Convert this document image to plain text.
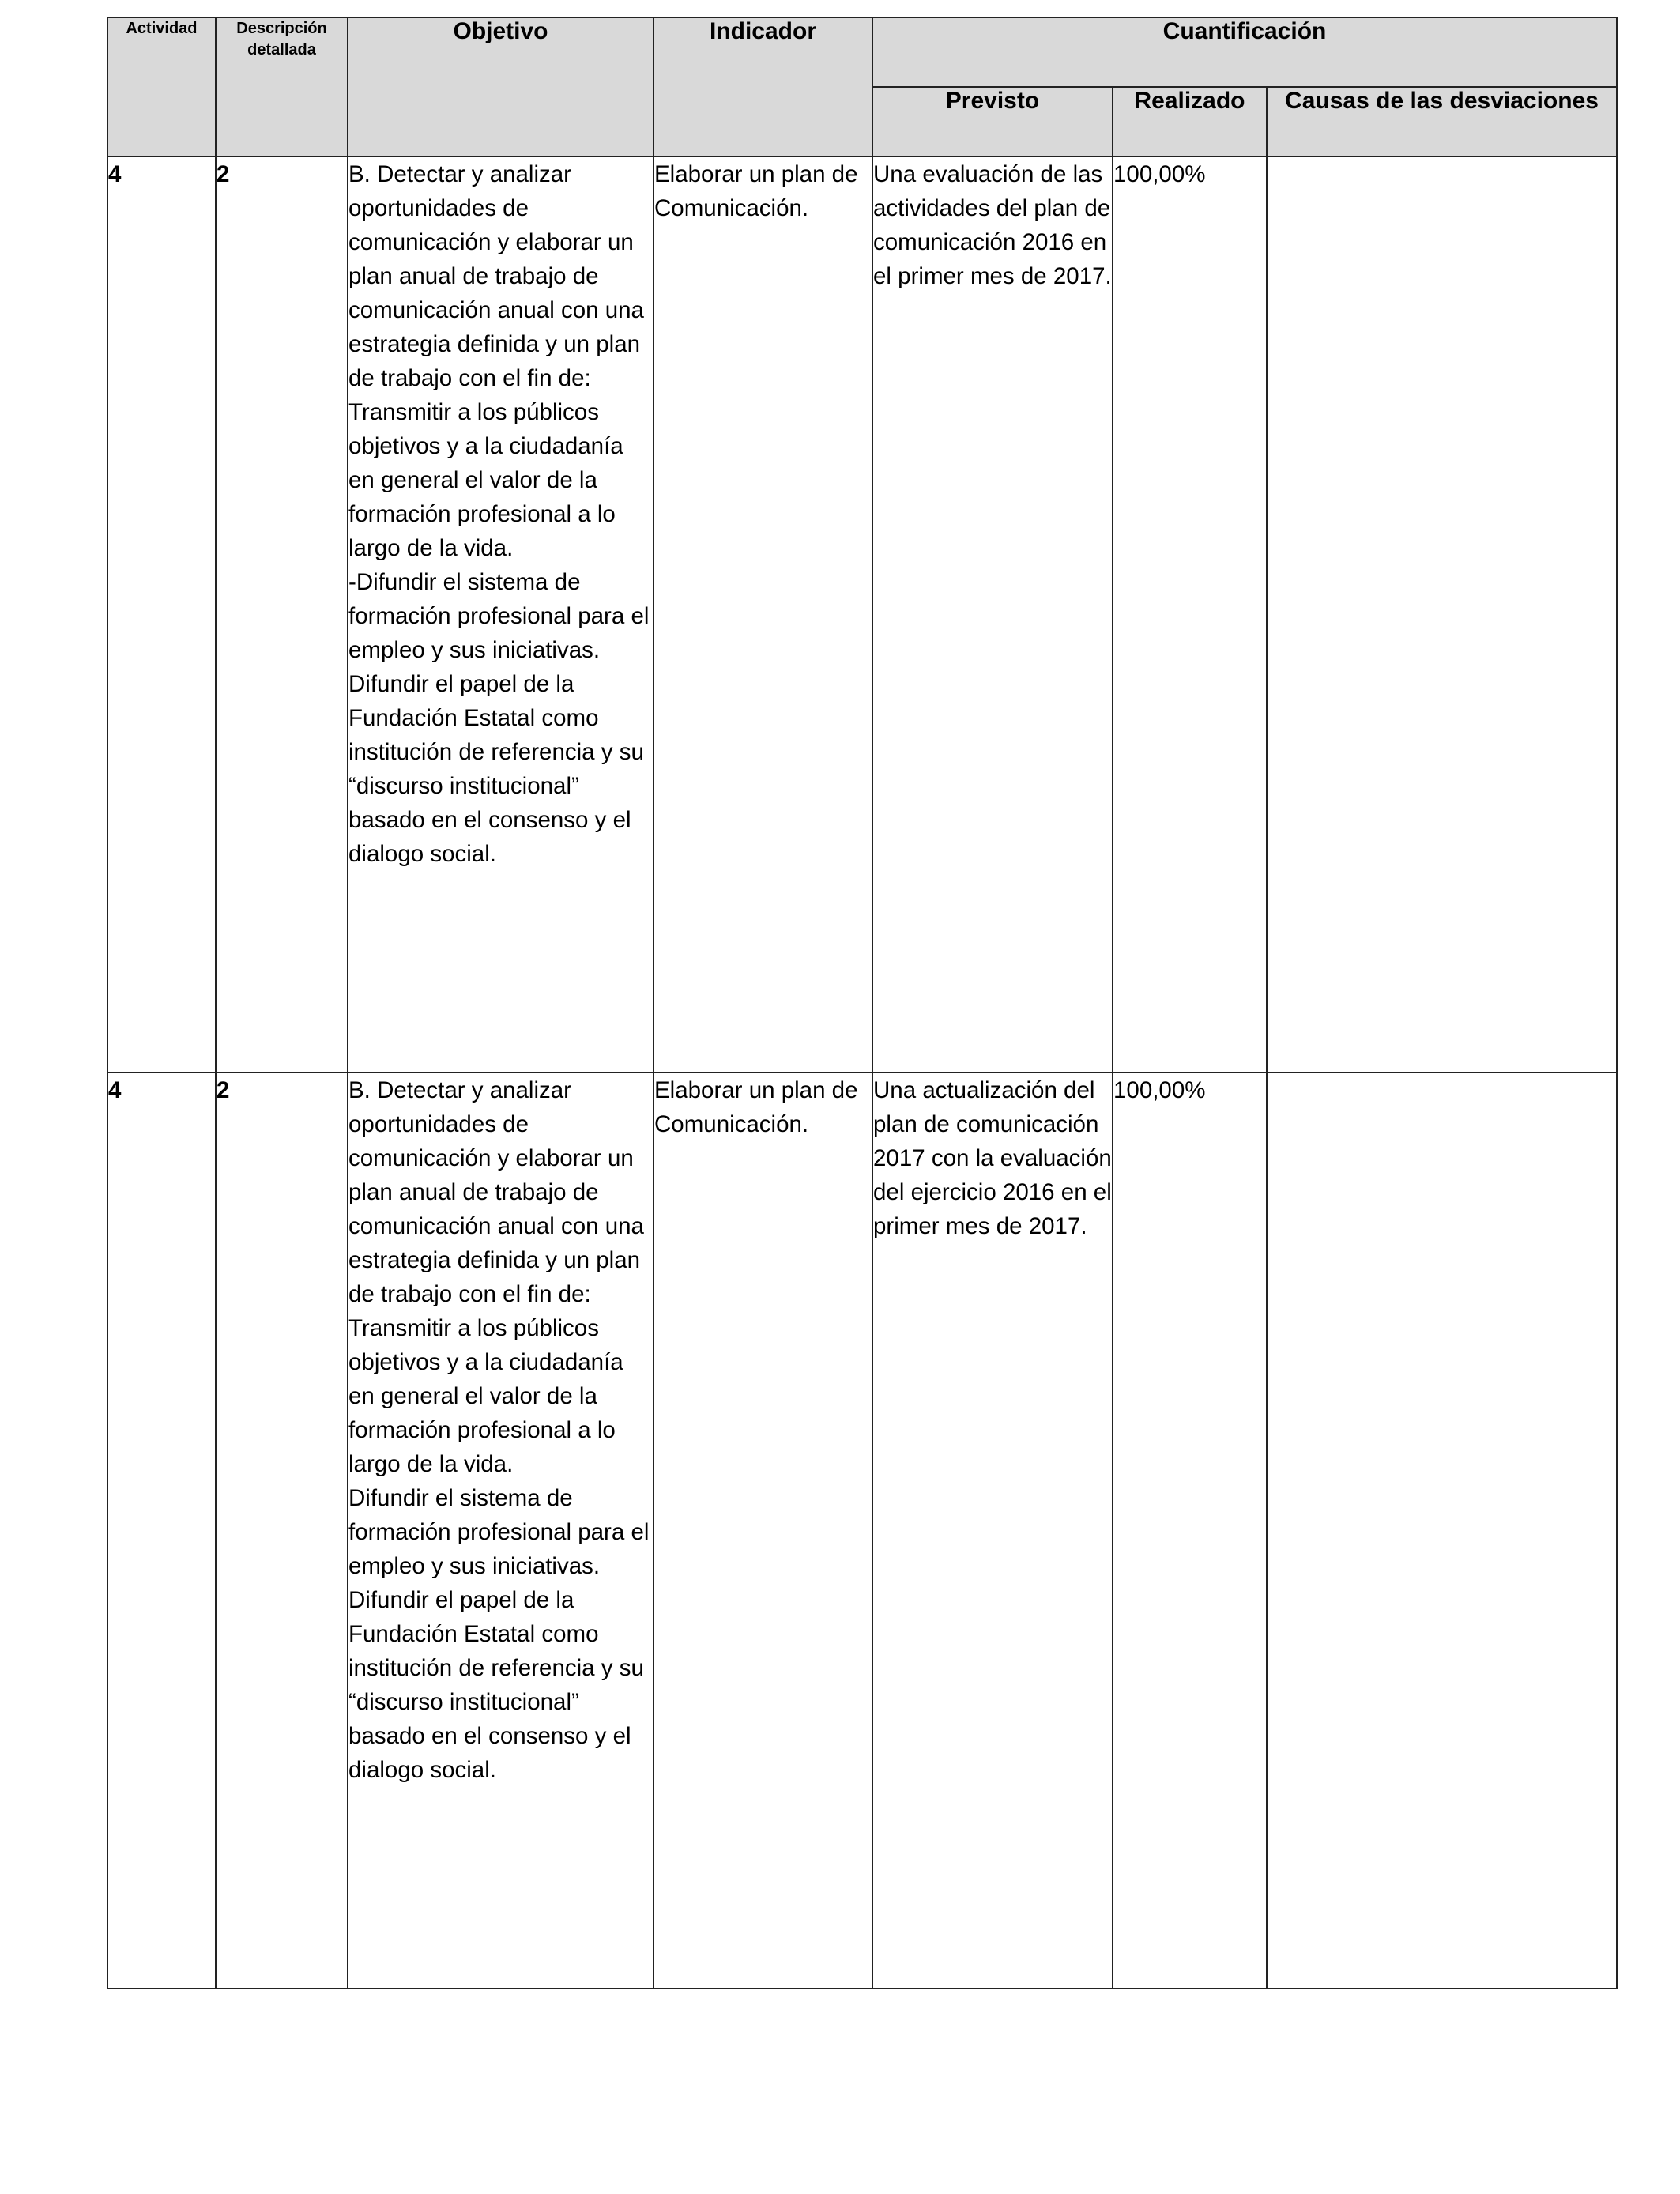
Actividad	Descripción detallada	Objetivo	Indicador	Cuantificación		
				Previsto	Realizado	Causas de las desviaciones
4	2	B. Detectar y analizar oportunidades de comunicación y elaborar un plan anual de trabajo de comunicación anual con una estrategia definida y un plan de trabajo con el fin de:
Transmitir a los públicos objetivos y a la ciudadanía en general el valor de la formación profesional a lo largo de la vida.
-Difundir el sistema de formación profesional para el empleo y sus iniciativas.
Difundir el papel de la Fundación Estatal como institución de referencia y su “discurso institucional” basado en el consenso y el dialogo social.	Elaborar un plan de Comunicación.	Una evaluación de las actividades del plan de comunicación 2016 en el primer mes de 2017.	100,00%	
4	2	B. Detectar y analizar oportunidades de comunicación y elaborar un plan anual de trabajo de comunicación anual con una estrategia definida y un plan de trabajo con el fin de:
Transmitir a los públicos objetivos y a la ciudadanía en general el valor de la formación profesional a lo largo de la vida.
Difundir el sistema de formación profesional para el empleo y sus iniciativas.
Difundir el papel de la Fundación Estatal como institución de referencia y su “discurso institucional” basado en el consenso y el dialogo social.	Elaborar un plan de Comunicación.	Una actualización del plan de comunicación 2017 con la evaluación del ejercicio 2016 en el primer mes de 2017.	100,00%	
